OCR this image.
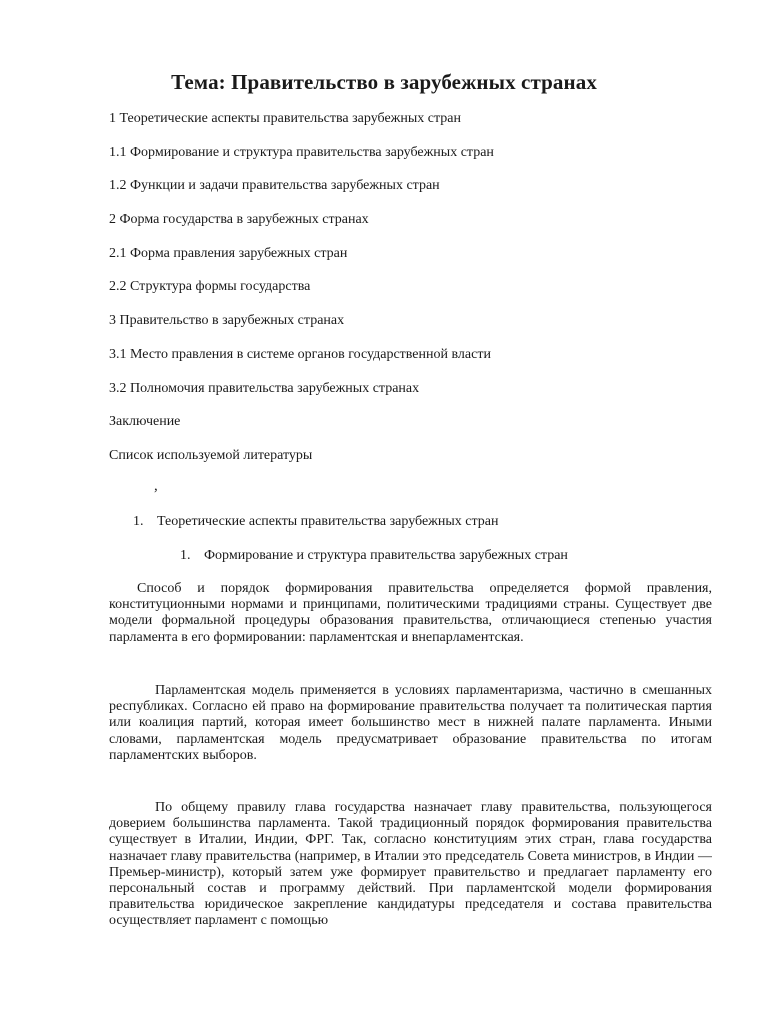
Тема: Правительство в зарубежных странах
1 Теоретические аспекты правительства зарубежных стран
1.1 Формирование и структура правительства зарубежных стран
1.2 Функции и задачи правительства зарубежных стран
2 Форма государства в зарубежных странах
2.1 Форма правления зарубежных стран
2.2 Структура формы государства
3 Правительство в зарубежных странах
3.1 Место правления в системе органов государственной власти
3.2 Полномочия правительства зарубежных странах
Заключение
Список используемой литературы
,
1. Теоретические аспекты правительства зарубежных стран
1. Формирование и структура правительства зарубежных стран

Способ и порядок формирования правительства определяется формой правления, конституционными нормами и принципами, политическими традициями страны. Существует две модели формальной процедуры образования правительства, отличающиеся степенью участия парламента в его формировании: парламентская и внепарламентская.

Парламентская модель применяется в условиях парламентаризма, частично в смешанных республиках. Согласно ей право на формирование правительства получает та политическая партия или коалиция партий, которая имеет большинство мест в нижней палате парламента. Иными словами, парламентская модель предусматривает образование правительства по итогам парламентских выборов.

По общему правилу глава государства назначает главу правительства, пользующегося доверием большинства парламента. Такой традиционный порядок формирования правительства существует в Италии, Индии, ФРГ. Так, согласно конституциям этих стран, глава государства назначает главу правительства (например, в Италии это председатель Совета министров, в Индии — Премьер-министр), который затем уже формирует правительство и предлагает парламенту его персональный состав и программу действий. При парламентской модели формирования правительства юридическое закрепление кандидатуры председателя и состава правительства осуществляет парламент с помощью
